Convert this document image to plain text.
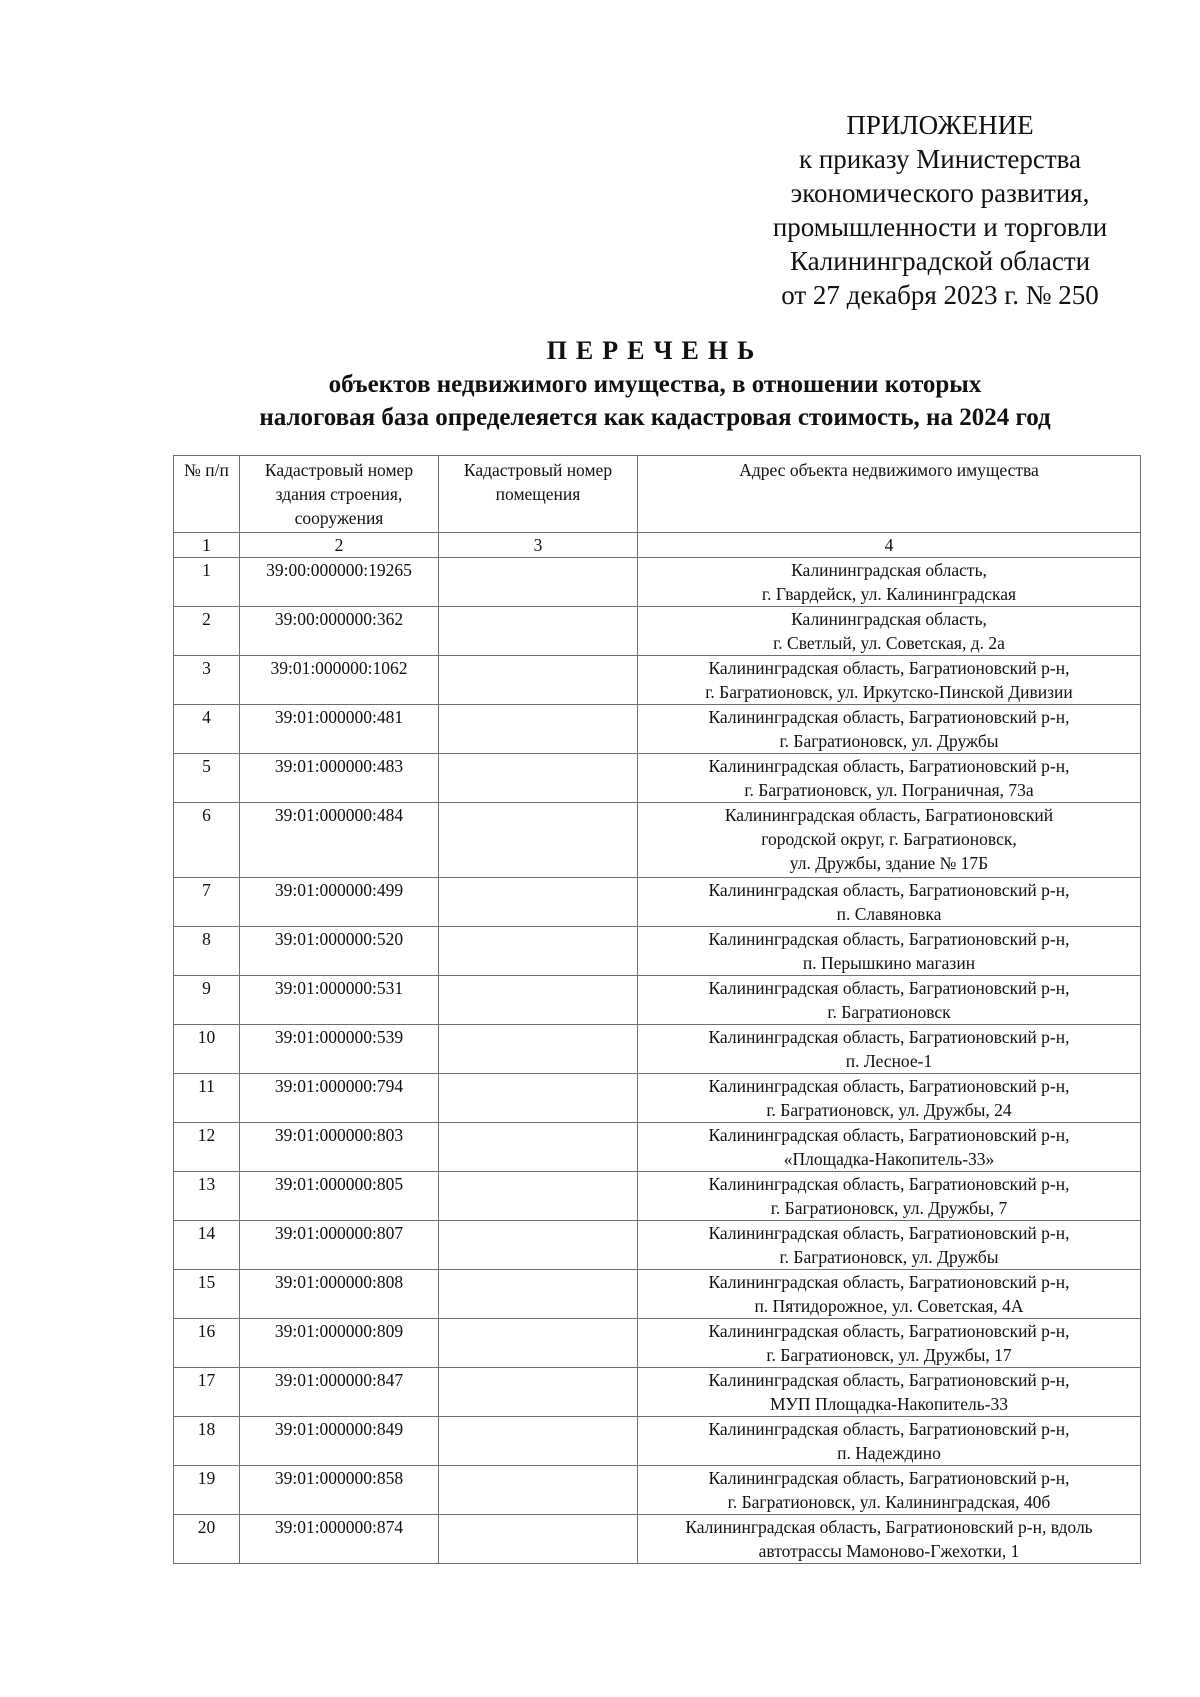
ПРИЛОЖЕНИЕ
к приказу Министерства
экономического развития,
промышленности и торговли
Калининградской области
от 27 декабря 2023 г. № 250
ПЕРЕЧЕНЬ
объектов недвижимого имущества, в отношении которых
налоговая база определеяется как кадастровая стоимость, на 2024 год
№ п/п	Кадастровый номер здания строения, сооружения	Кадастровый номер помещения	Адрес объекта недвижимого имущества
1	2	3	4
1	39:00:000000:19265		Калининградская область,
г. Гвардейск, ул. Калининградская
2	39:00:000000:362		Калининградская область,
г. Светлый, ул. Советская, д. 2а
3	39:01:000000:1062		Калининградская область, Багратионовский р-н,
г. Багратионовск, ул. Иркутско-Пинской Дивизии
4	39:01:000000:481		Калининградская область, Багратионовский р-н,
г. Багратионовск, ул. Дружбы
5	39:01:000000:483		Калининградская область, Багратионовский р-н,
г. Багратионовск, ул. Пограничная, 73а
6	39:01:000000:484		Калининградская область, Багратионовский
городской округ, г. Багратионовск,
ул. Дружбы, здание № 17Б
7	39:01:000000:499		Калининградская область, Багратионовский р-н,
п. Славяновка
8	39:01:000000:520		Калининградская область, Багратионовский р-н,
п. Перышкино магазин
9	39:01:000000:531		Калининградская область, Багратионовский р-н,
г. Багратионовск
10	39:01:000000:539		Калининградская область, Багратионовский р-н,
п. Лесное-1
11	39:01:000000:794		Калининградская область, Багратионовский р-н,
г. Багратионовск, ул. Дружбы, 24
12	39:01:000000:803		Калининградская область, Багратионовский р-н,
«Площадка-Накопитель-33»
13	39:01:000000:805		Калининградская область, Багратионовский р-н,
г. Багратионовск, ул. Дружбы, 7
14	39:01:000000:807		Калининградская область, Багратионовский р-н,
г. Багратионовск, ул. Дружбы
15	39:01:000000:808		Калининградская область, Багратионовский р-н,
п. Пятидорожное, ул. Советская, 4А
16	39:01:000000:809		Калининградская область, Багратионовский р-н,
г. Багратионовск, ул. Дружбы, 17
17	39:01:000000:847		Калининградская область, Багратионовский р-н,
МУП Площадка-Накопитель-33
18	39:01:000000:849		Калининградская область, Багратионовский р-н,
п. Надеждино
19	39:01:000000:858		Калининградская область, Багратионовский р-н,
г. Багратионовск, ул. Калининградская, 40б
20	39:01:000000:874		Калининградская область, Багратионовский р-н, вдоль
автотрассы Мамоново-Гжехотки, 1
